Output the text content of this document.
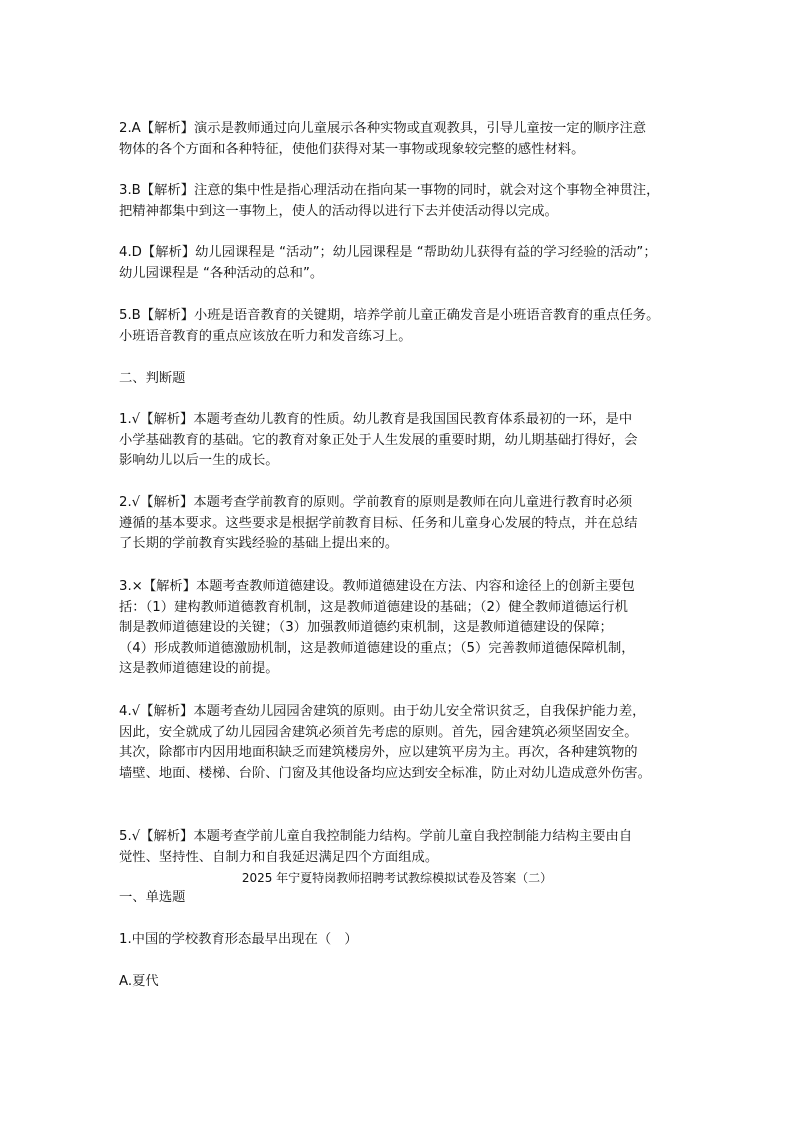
2.A【解析】演示是教师通过向儿童展示各种实物或直观教具，引导儿童按一定的顺序注意
物体的各个方面和各种特征，使他们获得对某一事物或现象较完整的感性材料。

3.B【解析】注意的集中性是指心理活动在指向某一事物的同时，就会对这个事物全神贯注，
把精神都集中到这一事物上，使人的活动得以进行下去并使活动得以完成。

4.D【解析】幼儿园课程是 “活动”；幼儿园课程是 “帮助幼儿获得有益的学习经验的活动”；
幼儿园课程是 “各种活动的总和”。

5.B【解析】小班是语音教育的关键期，培养学前儿童正确发音是小班语音教育的重点任务。
小班语音教育的重点应该放在听力和发音练习上。

二、判断题

1.√【解析】本题考查幼儿教育的性质。幼儿教育是我国国民教育体系最初的一环，是中
小学基础教育的基础。它的教育对象正处于人生发展的重要时期，幼儿期基础打得好，会
影响幼儿以后一生的成长。

2.√【解析】本题考查学前教育的原则。学前教育的原则是教师在向儿童进行教育时必须
遵循的基本要求。这些要求是根据学前教育目标、任务和儿童身心发展的特点，并在总结
了长期的学前教育实践经验的基础上提出来的。

3.×【解析】本题考查教师道德建设。教师道德建设在方法、内容和途径上的创新主要包
括：（1）建构教师道德教育机制，这是教师道德建设的基础；（2）健全教师道德运行机
制是教师道德建设的关键；（3）加强教师道德约束机制，这是教师道德建设的保障；
（4）形成教师道德激励机制，这是教师道德建设的重点；（5）完善教师道德保障机制，
这是教师道德建设的前提。

4.√【解析】本题考查幼儿园园舍建筑的原则。由于幼儿安全常识贫乏，自我保护能力差，
因此，安全就成了幼儿园园舍建筑必须首先考虑的原则。首先，园舍建筑必须坚固安全。
其次，除都市内因用地面积缺乏而建筑楼房外，应以建筑平房为主。再次，各种建筑物的
墙壁、地面、楼梯、台阶、门窗及其他设备均应达到安全标准，防止对幼儿造成意外伤害。

5.√【解析】本题考查学前儿童自我控制能力结构。学前儿童自我控制能力结构主要由自
觉性、坚持性、自制力和自我延迟满足四个方面组成。

2025 年宁夏特岗教师招聘考试教综模拟试卷及答案（二）

一、单选题

1.中国的学校教育形态最早出现在（　）

A.夏代
